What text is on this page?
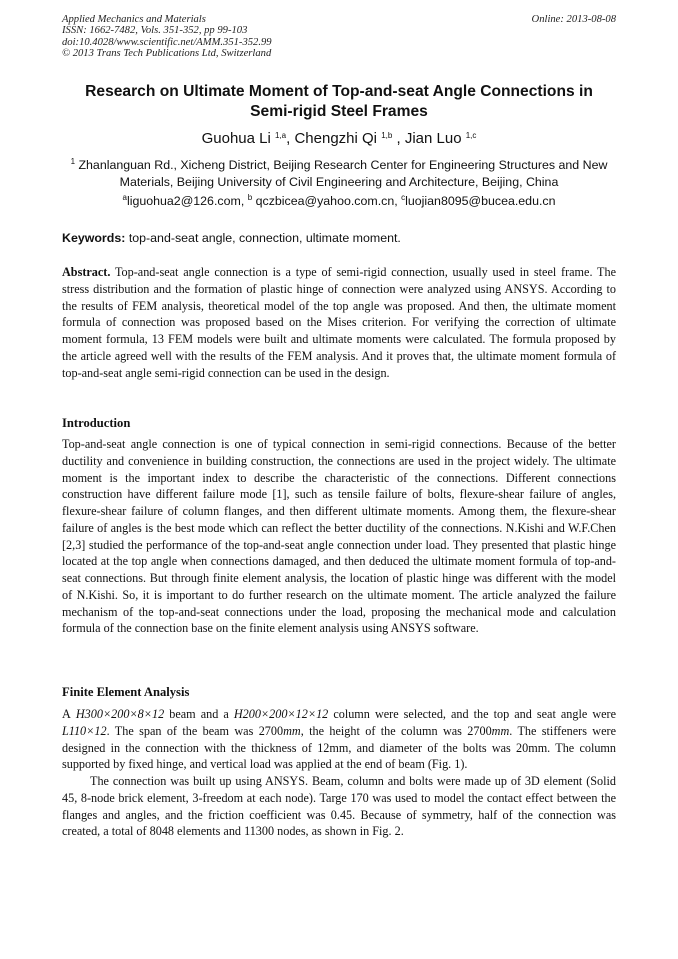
Applied Mechanics and Materials
ISSN: 1662-7482, Vols. 351-352, pp 99-103
doi:10.4028/www.scientific.net/AMM.351-352.99
© 2013 Trans Tech Publications Ltd, Switzerland
Online: 2013-08-08
Research on Ultimate Moment of Top-and-seat Angle Connections in Semi-rigid Steel Frames
Guohua Li $^{1,a}$, Chengzhi Qi $^{1,b}$ , Jian Luo $^{1,c}$
$^1$ Zhanlanguan Rd., Xicheng District, Beijing Research Center for Engineering Structures and New Materials, Beijing University of Civil Engineering and Architecture, Beijing, China
$^a$liguohua2@126.com, $^b$ qczbicea@yahoo.com.cn, $^c$luojian8095@bucea.edu.cn
Keywords: top-and-seat angle, connection, ultimate moment.
Abstract. Top-and-seat angle connection is a type of semi-rigid connection, usually used in steel frame. The stress distribution and the formation of plastic hinge of connection were analyzed using ANSYS. According to the results of FEM analysis, theoretical model of the top angle was proposed. And then, the ultimate moment formula of connection was proposed based on the Mises criterion. For verifying the correction of ultimate moment formula, 13 FEM models were built and ultimate moments were calculated. The formula proposed by the article agreed well with the results of the FEM analysis. And it proves that, the ultimate moment formula of top-and-seat angle semi-rigid connection can be used in the design.
Introduction
Top-and-seat angle connection is one of typical connection in semi-rigid connections. Because of the better ductility and convenience in building construction, the connections are used in the project widely. The ultimate moment is the important index to describe the characteristic of the connections. Different connections construction have different failure mode [1], such as tensile failure of bolts, flexure-shear failure of angles, flexure-shear failure of column flanges, and then different ultimate moments. Among them, the flexure-shear failure of angles is the best mode which can reflect the better ductility of the connections. N.Kishi and W.F.Chen [2,3] studied the performance of the top-and-seat angle connection under load. They presented that plastic hinge located at the top angle when connections damaged, and then deduced the ultimate moment formula of top-and-seat connections. But through finite element analysis, the location of plastic hinge was different with the model of N.Kishi. So, it is important to do further research on the ultimate moment. The article analyzed the failure mechanism of the top-and-seat connections under the load, proposing the mechanical mode and calculation formula of the connection base on the finite element analysis using ANSYS software.
Finite Element Analysis

A H300×200×8×12 beam and a H200×200×12×12 column were selected, and the top and seat angle were L110×12. The span of the beam was 2700mm, the height of the column was 2700mm. The stiffeners were designed in the connection with the thickness of 12mm, and diameter of the bolts was 20mm. The column supported by fixed hinge, and vertical load was applied at the end of beam (Fig. 1).

The connection was built up using ANSYS. Beam, column and bolts were made up of 3D element (Solid 45, 8-node brick element, 3-freedom at each node). Targe 170 was used to model the contact effect between the flanges and angles, and the friction coefficient was 0.45. Because of symmetry, half of the connection was created, a total of 8048 elements and 11300 nodes, as shown in Fig. 2.
